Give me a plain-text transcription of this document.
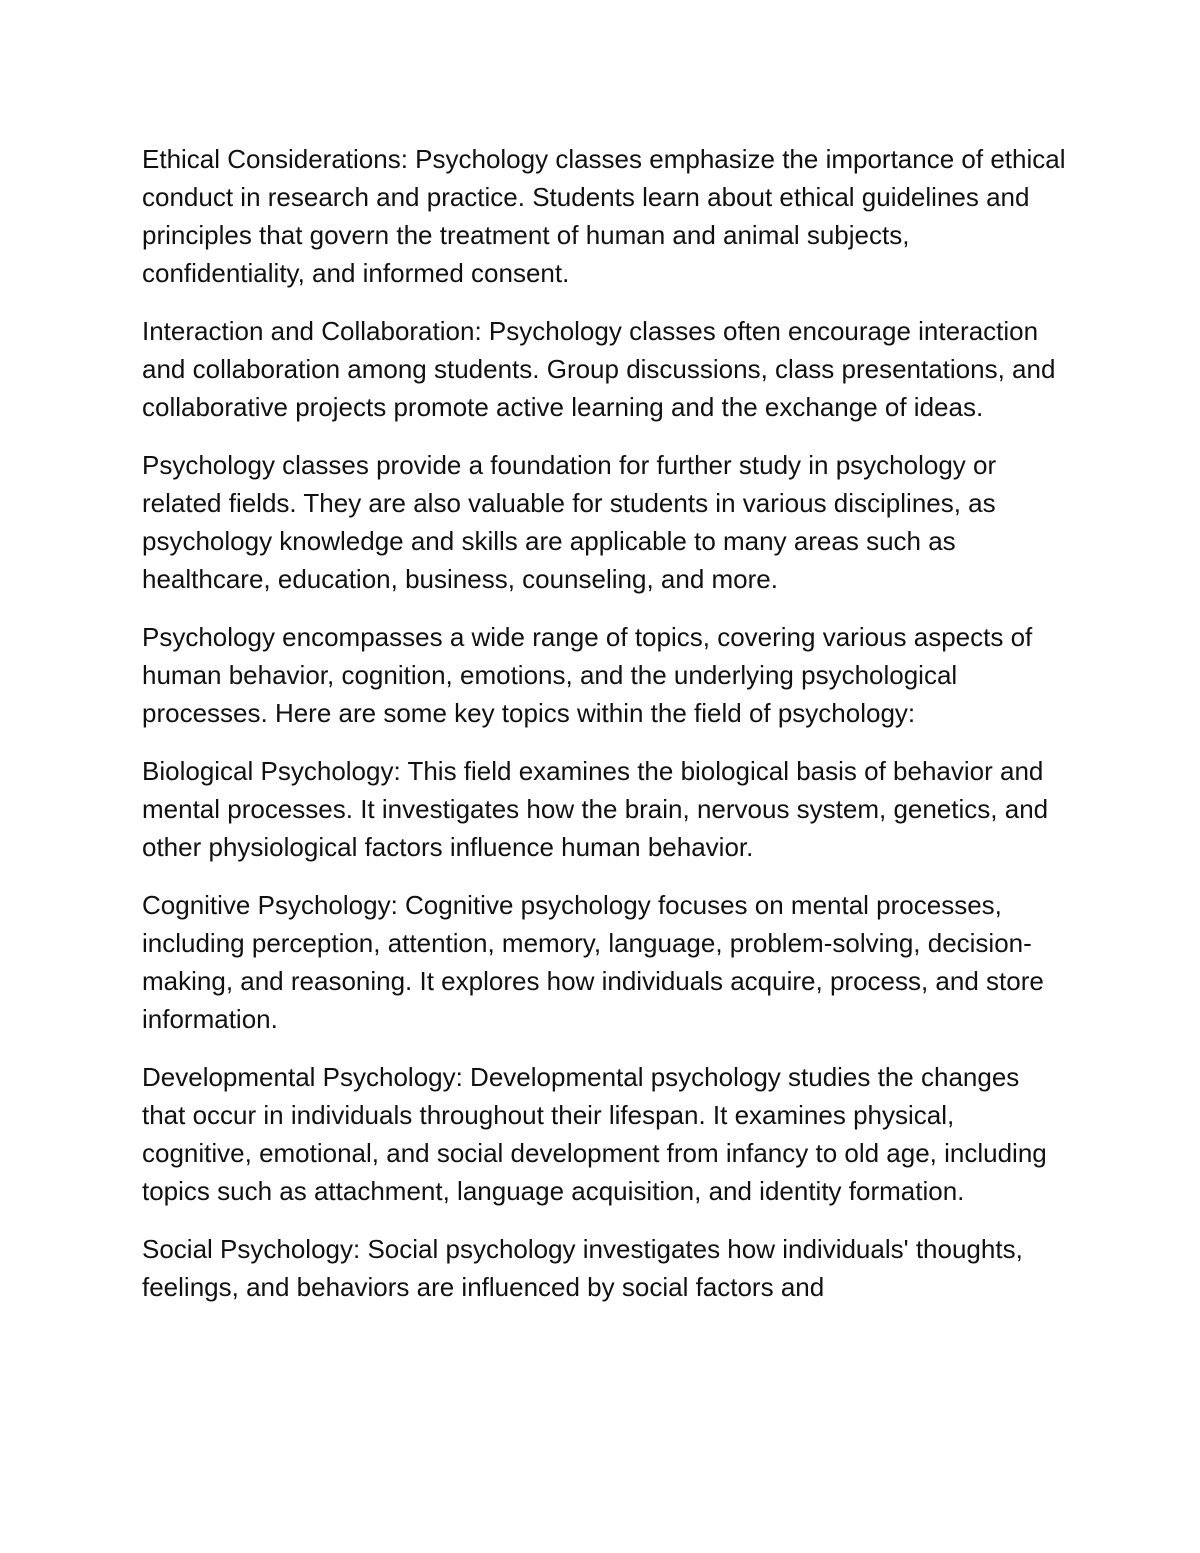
Ethical Considerations: Psychology classes emphasize the importance of ethical conduct in research and practice. Students learn about ethical guidelines and principles that govern the treatment of human and animal subjects, confidentiality, and informed consent.

Interaction and Collaboration: Psychology classes often encourage interaction and collaboration among students. Group discussions, class presentations, and collaborative projects promote active learning and the exchange of ideas.

Psychology classes provide a foundation for further study in psychology or related fields. They are also valuable for students in various disciplines, as psychology knowledge and skills are applicable to many areas such as healthcare, education, business, counseling, and more.

Psychology encompasses a wide range of topics, covering various aspects of human behavior, cognition, emotions, and the underlying psychological processes. Here are some key topics within the field of psychology:

Biological Psychology: This field examines the biological basis of behavior and mental processes. It investigates how the brain, nervous system, genetics, and other physiological factors influence human behavior.

Cognitive Psychology: Cognitive psychology focuses on mental processes, including perception, attention, memory, language, problem-solving, decision-making, and reasoning. It explores how individuals acquire, process, and store information.

Developmental Psychology: Developmental psychology studies the changes that occur in individuals throughout their lifespan. It examines physical, cognitive, emotional, and social development from infancy to old age, including topics such as attachment, language acquisition, and identity formation.

Social Psychology: Social psychology investigates how individuals' thoughts, feelings, and behaviors are influenced by social factors and
